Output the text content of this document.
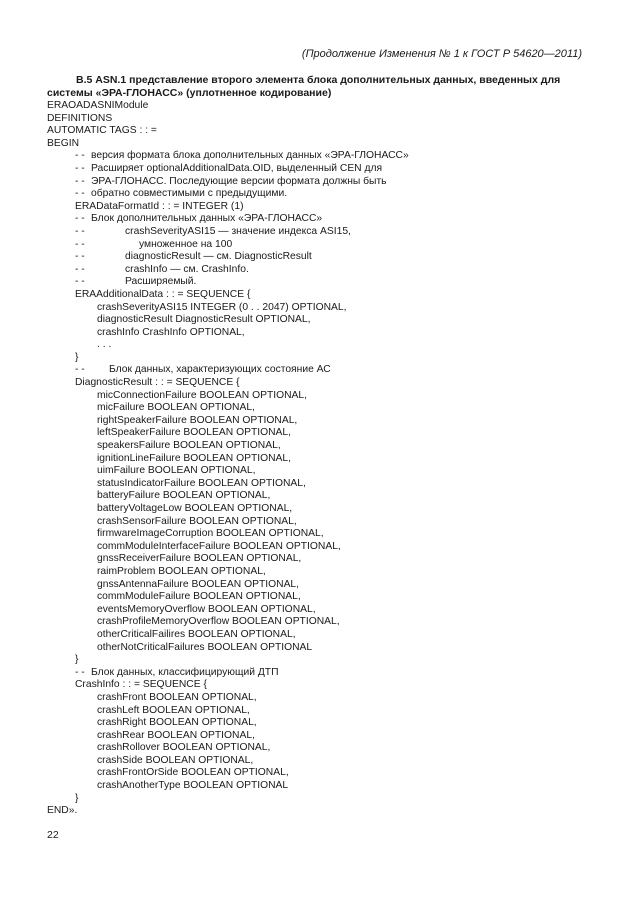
(Продолжение Изменения № 1 к ГОСТ Р 54620—2011)
В.5 ASN.1 представление второго элемента блока дополнительных данных, введенных для
системы «ЭРА-ГЛОНАСС» (уплотненное кодирование)
ERAOADASNIModule
DEFINITIONS
AUTOMATIC TAGS : : =
BEGIN
- - версия формата блока дополнительных данных «ЭРА-ГЛОНАСС»
- - Расширяет optionalAdditionalData.OID, выделенный CEN для
- - ЭРА-ГЛОНАСС. Последующие версии формата должны быть
- - обратно совместимыми с предыдущими.
ERADataFormatId : : = INTEGER (1)
- - Блок дополнительных данных «ЭРА-ГЛОНАСС»
- -	crashSeverityASI15 — значение индекса ASI15,
- -	умноженное на 100
- -	diagnosticResult — см. DiagnosticResult
- -	crashInfo — см. CrashInfo.
- -	Расширяемый.
ERAAdditionalData : : = SEQUENCE {
crashSeverityASI15 INTEGER (0 . . 2047) OPTIONAL,
diagnosticResult DiagnosticResult OPTIONAL,
crashInfo CrashInfo OPTIONAL,
. . .
}
- - Блок данных, характеризующих состояние АС
DiagnosticResult : : = SEQUENCE {
micConnectionFailure BOOLEAN OPTIONAL,
micFailure BOOLEAN OPTIONAL,
rightSpeakerFailure BOOLEAN OPTIONAL,
leftSpeakerFailure BOOLEAN OPTIONAL,
speakersFailure BOOLEAN OPTIONAL,
ignitionLineFailure BOOLEAN OPTIONAL,
uimFailure BOOLEAN OPTIONAL,
statusIndicatorFailure BOOLEAN OPTIONAL,
batteryFailure BOOLEAN OPTIONAL,
batteryVoltageLow BOOLEAN OPTIONAL,
crashSensorFailure BOOLEAN OPTIONAL,
firmwareImageCorruption BOOLEAN OPTIONAL,
commModuleInterfaceFailure BOOLEAN OPTIONAL,
gnssReceiverFailure BOOLEAN OPTIONAL,
raimProblem BOOLEAN OPTIONAL,
gnssAntennaFailure BOOLEAN OPTIONAL,
commModuleFailure BOOLEAN OPTIONAL,
eventsMemoryOverflow BOOLEAN OPTIONAL,
crashProfileMemoryOverflow BOOLEAN OPTIONAL,
otherCriticalFailires BOOLEAN OPTIONAL,
otherNotCriticalFailures BOOLEAN OPTIONAL
}
- - Блок данных, классифицирующий ДТП
CrashInfo : : = SEQUENCE {
crashFront BOOLEAN OPTIONAL,
crashLeft BOOLEAN OPTIONAL,
crashRight BOOLEAN OPTIONAL,
crashRear BOOLEAN OPTIONAL,
crashRollover BOOLEAN OPTIONAL,
crashSide BOOLEAN OPTIONAL,
crashFrontOrSide BOOLEAN OPTIONAL,
crashAnotherType BOOLEAN OPTIONAL
}
END».
22
